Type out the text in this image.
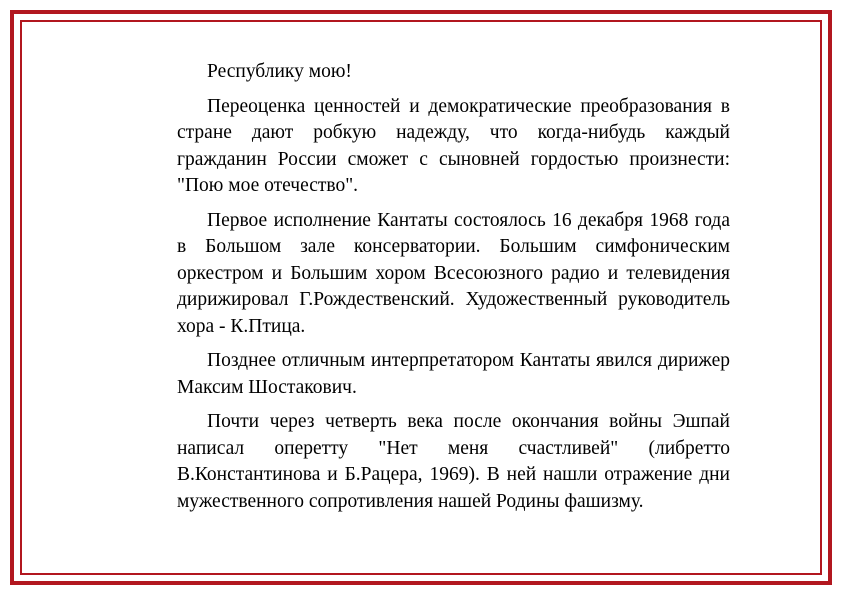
Республику мою!

Переоценка ценностей и демократические преобразования в стране дают робкую надежду, что когда-нибудь каждый гражданин России сможет с сыновней гордостью произнести: "Пою мое отечество".

Первое исполнение Кантаты состоялось 16 декабря 1968 года в Большом зале консерватории. Большим симфоническим оркестром и Большим хором Всесоюзного радио и телевидения дирижировал Г.Рождественский. Художественный руководитель хора - К.Птица.

Позднее отличным интерпретатором Кантаты явился дирижер Максим Шостакович.

Почти через четверть века после окончания войны Эшпай написал оперетту "Нет меня счастливей" (либретто В.Константинова и Б.Рацера, 1969). В ней нашли отражение дни мужественного сопротивления нашей Родины фашизму.
